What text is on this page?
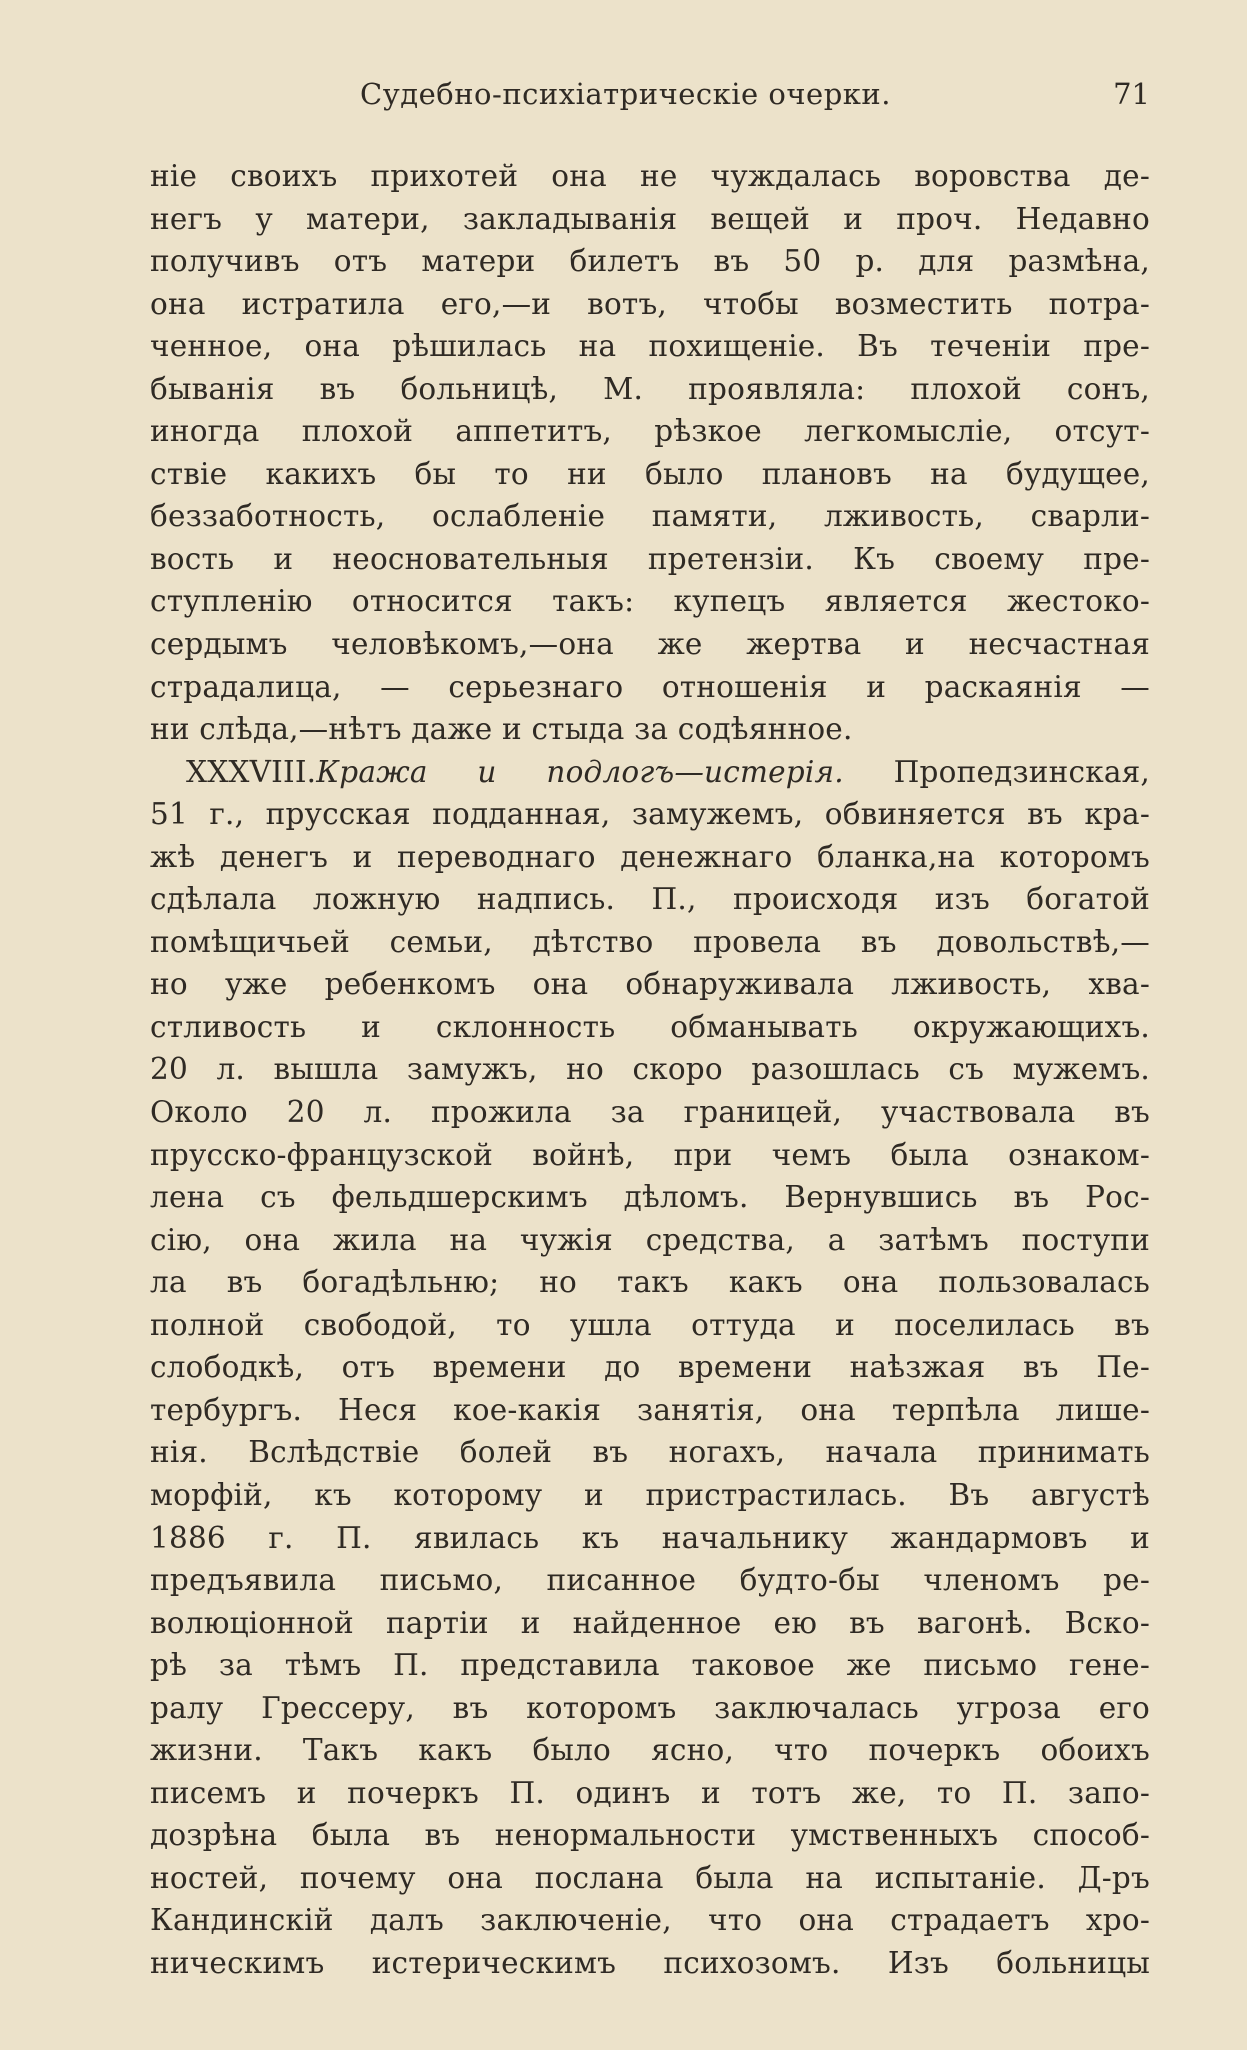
Судебно-психіатрическіе очерки.	71
ніе своихъ прихотей она не чуждалась воровства де-
негъ у матери, закладыванія вещей и проч. Недавно
получивъ отъ матери билетъ въ 50 р. для размѣна,
она истратила его,—и вотъ, чтобы возместить потра-
ченное, она рѣшилась на похищеніе. Въ теченіи пре-
быванія въ больницѣ, М. проявляла: плохой сонъ,
иногда плохой аппетитъ, рѣзкое легкомысліе, отсут-
ствіе какихъ бы то ни было плановъ на будущее,
беззаботность, ослабленіе памяти, лживость, сварли-
вость и неосновательныя претензіи. Къ своему пре-
ступленію относится такъ: купецъ является жестоко-
сердымъ человѣкомъ,—она же жертва и несчастная
страдалица, — серьезнаго отношенія и раскаянія —
ни слѣда,—нѣтъ даже и стыда за содѣянное.
XXXVIII.Кража и подлогъ—истерія. Пропедзинская,
51 г., прусская подданная, замужемъ, обвиняется въ кра-
жѣ денегъ и переводнаго денежнаго бланка,на которомъ
сдѣлала ложную надпись. П., происходя изъ богатой
помѣщичьей семьи, дѣтство провела въ довольствѣ,—
но уже ребенкомъ она обнаруживала лживость, хва-
стливость и склонность обманывать окружающихъ.
20 л. вышла замужъ, но скоро разошлась съ мужемъ.
Около 20 л. прожила за границей, участвовала въ
прусско-французской войнѣ, при чемъ была ознаком-
лена съ фельдшерскимъ дѣломъ. Вернувшись въ Рос-
сію, она жила на чужія средства, а затѣмъ поступи
ла въ богадѣльню; но такъ какъ она пользовалась
полной свободой, то ушла оттуда и поселилась въ
слободкѣ, отъ времени до времени наѣзжая въ Пе-
тербургъ. Неся кое-какія занятія, она терпѣла лише-
нія. Вслѣдствіе болей въ ногахъ, начала принимать
морфій, къ которому и пристрастилась. Въ августѣ
1886 г. П. явилась къ начальнику жандармовъ и
предъявила письмо, писанное будто-бы членомъ ре-
волюціонной партіи и найденное ею въ вагонѣ. Вско-
рѣ за тѣмъ П. представила таковое же письмо гене-
ралу Грессеру, въ которомъ заключалась угроза его
жизни. Такъ какъ было ясно, что почеркъ обоихъ
писемъ и почеркъ П. одинъ и тотъ же, то П. запо-
дозрѣна была въ ненормальности умственныхъ способ-
ностей, почему она послана была на испытаніе. Д-ръ
Кандинскій далъ заключеніе, что она страдаетъ хро-
ническимъ истерическимъ психозомъ. Изъ больницы
